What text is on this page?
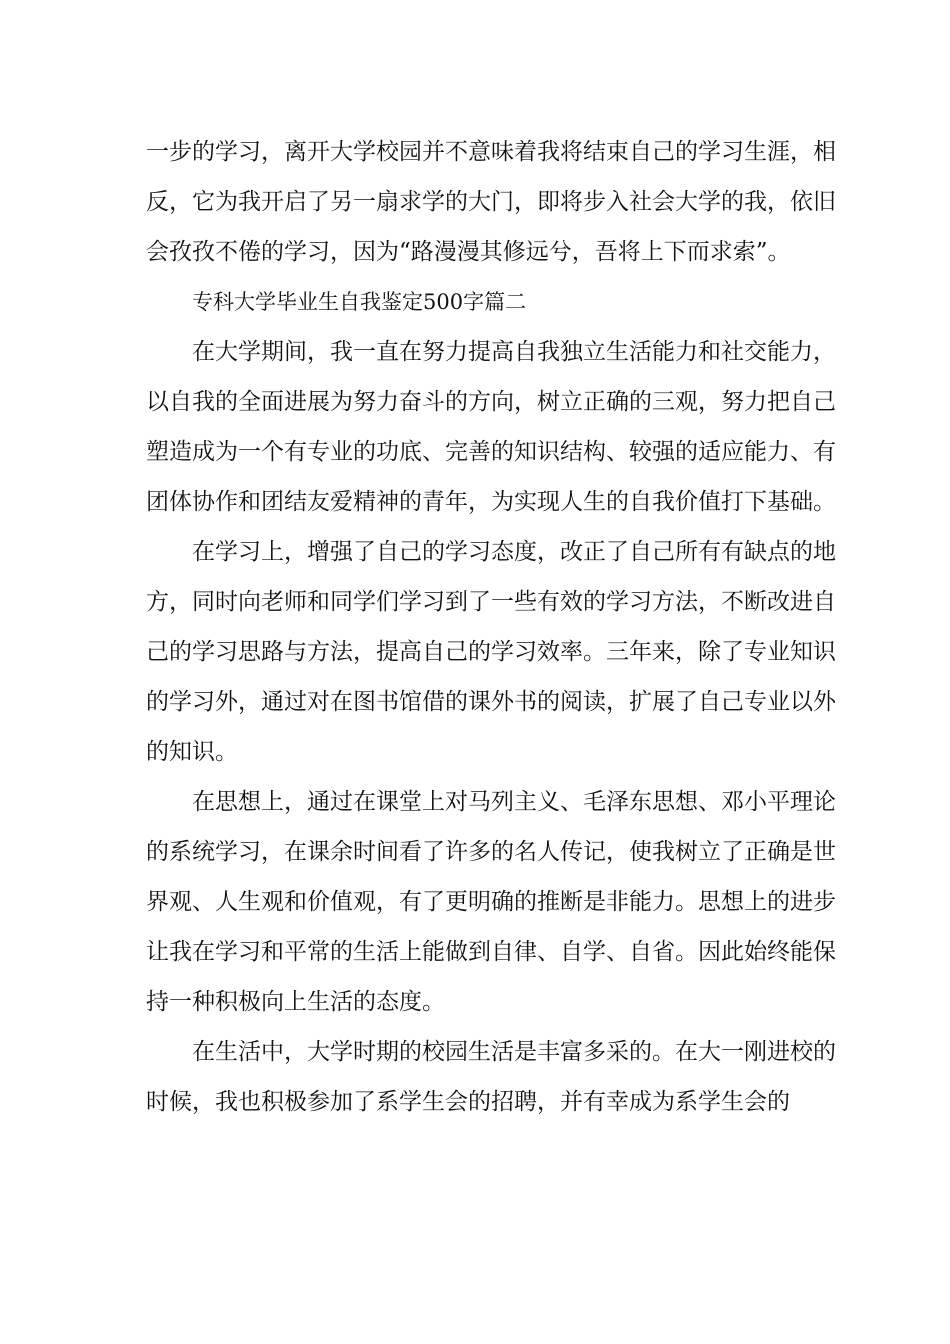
一步的学习，离开大学校园并不意味着我将结束自己的学习生涯，相反，它为我开启了另一扇求学的大门，即将步入社会大学的我，依旧会孜孜不倦的学习，因为“路漫漫其修远兮，吾将上下而求索”。

专科大学毕业生自我鉴定500字篇二

在大学期间，我一直在努力提高自我独立生活能力和社交能力，以自我的全面进展为努力奋斗的方向，树立正确的三观，努力把自己塑造成为一个有专业的功底、完善的知识结构、较强的适应能力、有团体协作和团结友爱精神的青年，为实现人生的自我价值打下基础。

在学习上，增强了自己的学习态度，改正了自己所有有缺点的地方，同时向老师和同学们学习到了一些有效的学习方法，不断改进自己的学习思路与方法，提高自己的学习效率。三年来，除了专业知识的学习外，通过对在图书馆借的课外书的阅读，扩展了自己专业以外的知识。

在思想上，通过在课堂上对马列主义、毛泽东思想、邓小平理论的系统学习，在课余时间看了许多的名人传记，使我树立了正确是世界观、人生观和价值观，有了更明确的推断是非能力。思想上的进步让我在学习和平常的生活上能做到自律、自学、自省。因此始终能保持一种积极向上生活的态度。

在生活中，大学时期的校园生活是丰富多采的。在大一刚进校的时候，我也积极参加了系学生会的招聘，并有幸成为系学生会的
